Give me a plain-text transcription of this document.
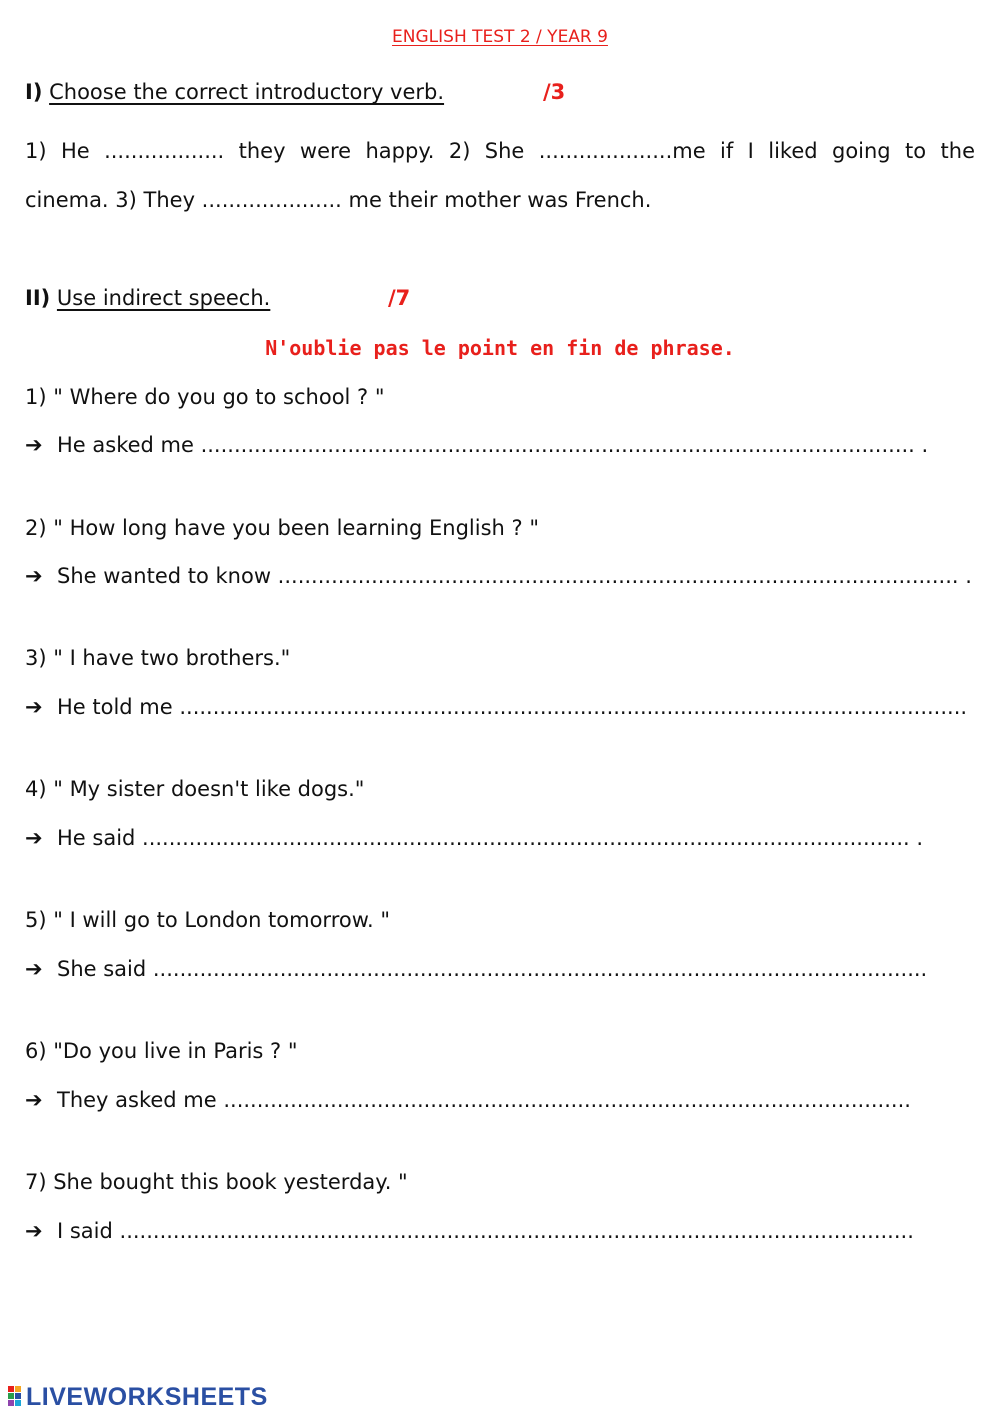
ENGLISH TEST 2 / YEAR 9
I) Choose the correct introductory verb.	/3
1) He .................. they were happy. 2) She ....................me if I liked going to the
cinema. 3) They ..................... me their mother was French.
II) Use indirect speech.	/7
N'oublie pas le point en fin de phrase.
1) " Where do you go to school ? "
➔ He asked me ........................................................................................................... .
2) " How long have you been learning English ? "
➔ She wanted to know ...................................................................................................... .
3) " I have two brothers."
➔ He told me ......................................................................................................................
4) " My sister doesn't like dogs."
➔ He said ................................................................................................................... .
5) " I will go to London tomorrow. "
➔ She said ....................................................................................................................
6) "Do you live in Paris ? "
➔ They asked me .......................................................................................................
7) She bought this book yesterday. "
➔ I said .......................................................................................................................
LIVEWORKSHEETS
